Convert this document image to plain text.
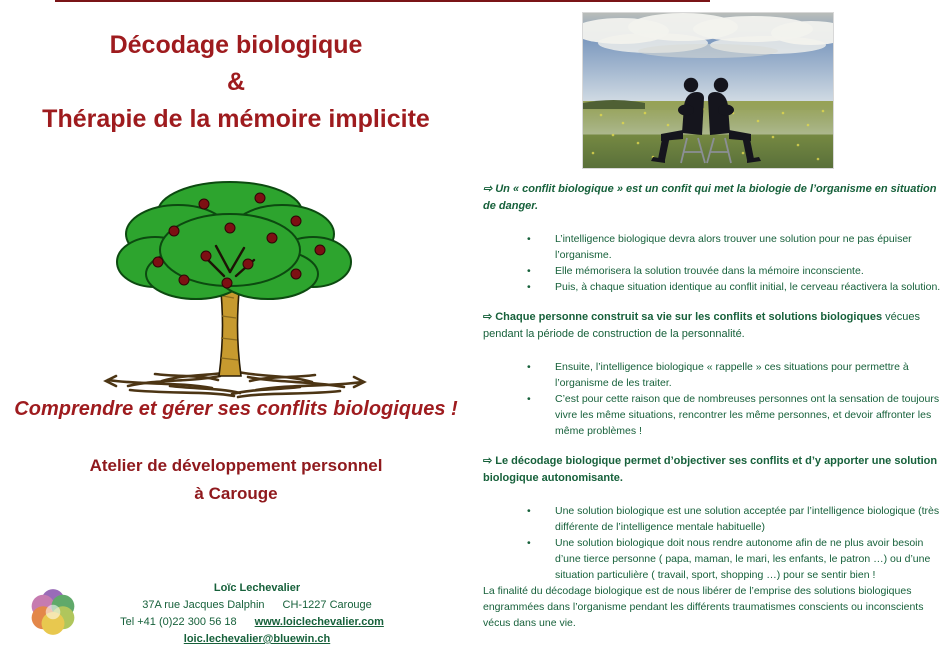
Décodage biologique
&
Thérapie de la mémoire implicite

Comprendre et gérer ses conflits biologiques !

Atelier de développement personnel
à Carouge

Loïc Lechevalier
37A rue Jacques Dalphin CH-1227 Carouge
Tel +41 (0)22 300 56 18 www.loiclechevalier.comloic.lechevalier@bluewin.ch

⇨ Un « conflit biologique » est un confit qui met la biologie de l’organisme en situation de danger.

•	L’intelligence biologique devra alors trouver une solution pour ne pas épuiser l’organisme.
•	Elle mémorisera la solution trouvée dans la mémoire inconsciente.
•	Puis, à chaque situation identique au conflit initial, le cerveau réactivera la solution.

⇨ Chaque personne construit sa vie sur les conflits et solutions biologiques vécues pendant la période de construction de la personnalité.

•	Ensuite, l’intelligence biologique « rappelle » ces situations pour permettre à l’organisme de les traiter.
•	C’est pour cette raison que de nombreuses personnes ont la sensation de toujours vivre les même situations, rencontrer les même personnes, et devoir affronter les même problèmes !

⇨ Le décodage biologique permet d’objectiver ses conflits et d’y apporter une solution biologique autonomisante.

•	Une solution biologique est une solution acceptée par l’intelligence biologique (très différente de l’intelligence mentale habituelle)
•	Une solution biologique doit nous rendre autonome afin de ne plus avoir besoin d’une tierce personne ( papa, maman, le mari, les enfants, le patron …) ou d’une situation particulière ( travail, sport, shopping …) pour se sentir bien !

La finalité du décodage biologique est de nous libérer de l’emprise des solutions biologiques engrammées dans l’organisme pendant les différents traumatismes conscients ou inconscients vécus dans une vie.
